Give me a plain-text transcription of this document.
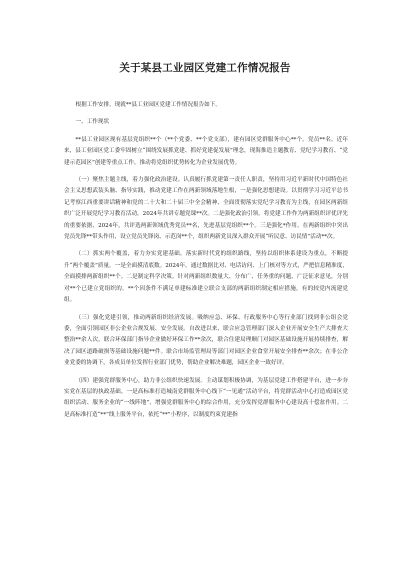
关于某县工业园区党建工作情况报告

根据工作安排，现就**县工业园区党建工作情况报告如下。

一、工作现状

**县工业园区现有基层党组织**个（**个党委、**个党支部），建有园区党群服务中心**个。党员**名。近年来，县工业园区党工委牢固树立“围绕发展抓党建、抓好党建促发展”理念，现海推造主题教育、党纪学习教育、“党建示范园区”创建等重点工作，推动将党组织优势转化为企业发展优势。

（一）聚焦主题主线，着力强化政治建设。认真履行抓党建第一责任人职责，坚持用习近平新时代中国特色社会主义思想武装头脑、指导实践，推动党建工作在两新领域落地生根，一是强化思想建设。以贯彻学习习近平总书记考察江西重要讲话精神和党的二十大和二十届三中全会精神、全面贯彻落实党纪学习教育为主线，在园区两新组织广泛开展党纪学习教育活动，2024年共讲专题党课**次。二是强化政治引领。将党建工作作为两新组织评优评先的重要依据，2024年，共评选两新领域优秀党员**名，先进基层党组织**个。三是强化*作用。在两新组织中突出党员先锋**带头作用，设立党员先锋岗、示范岗**个，组织两新党员深入群众开展“听民意、访民情”活动**次。

（二）抓实两个覆盖，着力夯实党建基础。落实新时代党的组织路线，坚持以组织体系建设为重点，不断提升“两个覆盖”质量。一是全面摸清底数。2024年，通过数据比对、电话访问、上门核对等方式，严把信息精准度，全面摸排两新组织**个。二是制定科学决策。针对两新组织数量大、分布广、任务重的问题，广泛征求意见，分别对**个已建立党组织的。**个因条件不满足单建标准建立联合支部的两新组织制定相应措施，有的较党内流建党组。

（三）强化党建引领，推动两新组织经济发展。吸纳应急、环保、行政服务中心等行业部门找到非公组会党委，全面引领园区非公企业合规发展、安全发展。自改进以来，联合应急管理部门深入企业开展安全生产大排查大整治**余人次，联合环保部门指导企业做好环保工作**余次，联合住建局理顺门对园区基础设施开展持续排查，解决了园区道路破损等基础设施问题**件。联合市场监管理局等部门对园区企业食堂开展安全排查**余次；在非公企业党委的协调下，各成员单位发挥行业部门优势，帮助企业解决难题，园区企业一致好评。

（四）建强党群服务中心，助力非公组织快速发展。主动谋划积极协调，为基层党建工作搭建平台，进一步夯实党在基层的执政基础。一是高标准打造城南党群服务中心线下“一见通”活动平台，将党群活动中心打造成园区党组织活动、服务企业的“一线阵地”，增强党群服务中心的综合作用，充分发挥党群服务中心建设高十偿盆作用。二是高标准打造“**”线上服务平台，依托“**”小程序，以制度约束党建指
